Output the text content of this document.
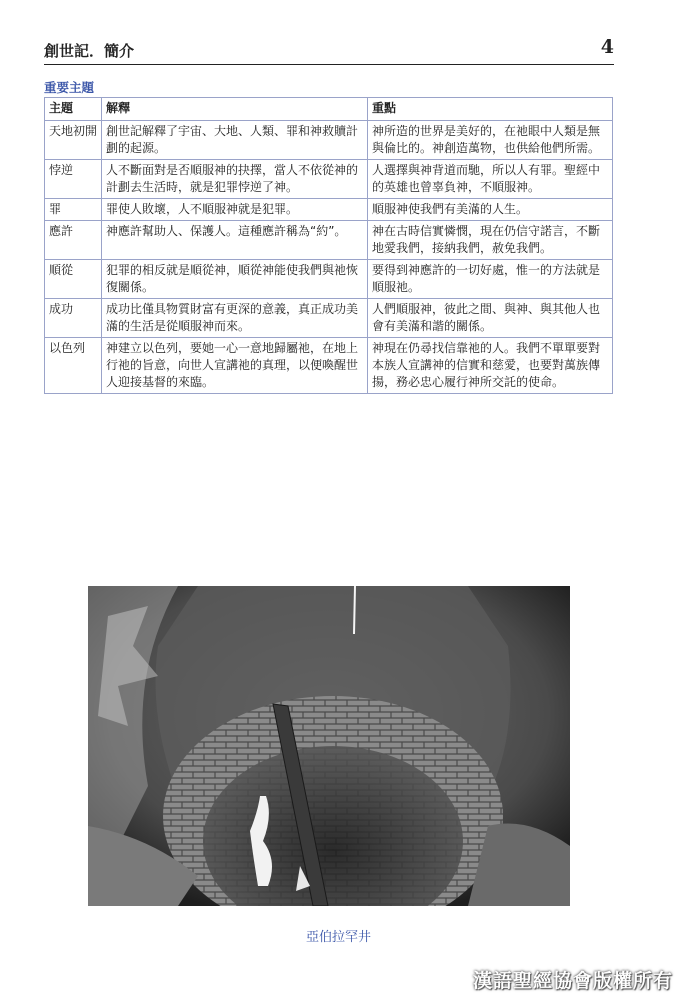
創世記．簡介	4
重要主題
主題	解釋	重點
天地初開	創世記解釋了宇宙、大地、人類、罪和神救贖計劃的起源。	神所造的世界是美好的，在祂眼中人類是無與倫比的。神創造萬物，也供給他們所需。
悖逆	人不斷面對是否順服神的抉擇，當人不依從神的計劃去生活時，就是犯罪悖逆了神。	人選擇與神背道而馳，所以人有罪。聖經中的英雄也曾辜負神，不順服神。
罪	罪使人敗壞，人不順服神就是犯罪。	順服神使我們有美滿的人生。
應許	神應許幫助人、保護人。這種應許稱為“約”。	神在古時信實憐憫，現在仍信守諾言，不斷地愛我們，接納我們，赦免我們。
順從	犯罪的相反就是順從神，順從神能使我們與祂恢復關係。	要得到神應許的一切好處，惟一的方法就是順服祂。
成功	成功比僅具物質財富有更深的意義，真正成功美滿的生活是從順服神而來。	人們順服神，彼此之間、與神、與其他人也會有美滿和諧的關係。
以色列	神建立以色列，要她一心一意地歸屬祂，在地上行祂的旨意，向世人宣講祂的真理，以便喚醒世人迎接基督的來臨。	神現在仍尋找信靠祂的人。我們不單單要對本族人宣講神的信實和慈愛，也要對萬族傳揚，務必忠心履行神所交託的使命。
亞伯拉罕井
漢語聖經協會版權所有
